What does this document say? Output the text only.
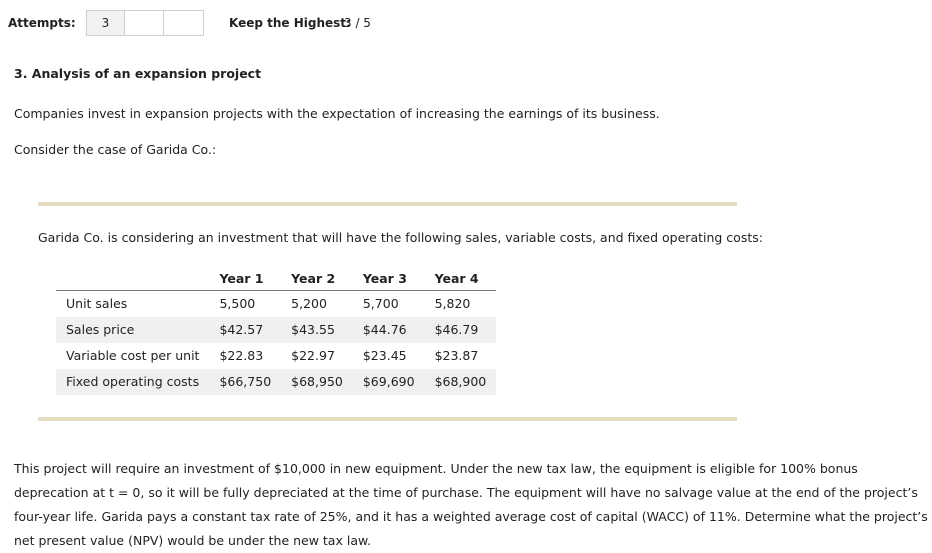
Attempts:	3	Keep the Highest:
3 / 5
3. Analysis of an expansion project
Companies invest in expansion projects with the expectation of increasing the earnings of its business.
Consider the case of Garida Co.:
Garida Co. is considering an investment that will have the following sales, variable costs, and fixed operating costs:
	Year 1	Year 2	Year 3	Year 4
Unit sales	5,500	5,200	5,700	5,820
Sales price	$42.57	$43.55	$44.76	$46.79
Variable cost per unit	$22.83	$22.97	$23.45	$23.87
Fixed operating costs	$66,750	$68,950	$69,690	$68,900
This project will require an investment of $10,000 in new equipment. Under the new tax law, the equipment is eligible for 100% bonus deprecation at t = 0, so it will be fully depreciated at the time of purchase. The equipment will have no salvage value at the end of the project’s four-year life. Garida pays a constant tax rate of 25%, and it has a weighted average cost of capital (WACC) of 11%. Determine what the project’s net present value (NPV) would be under the new tax law.
